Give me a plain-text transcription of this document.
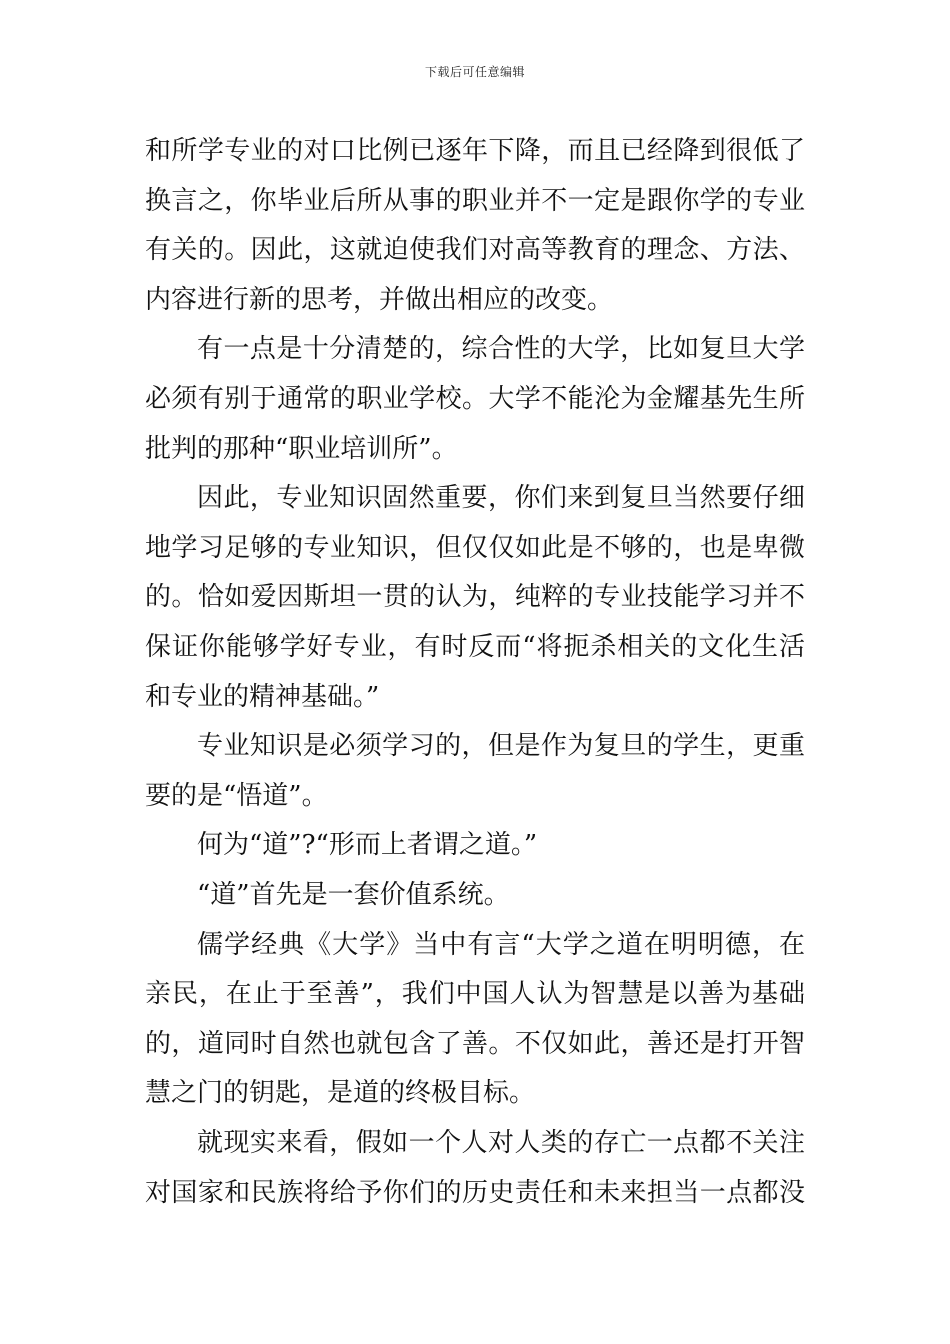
下载后可任意编辑
和所学专业的对口比例已逐年下降，而且已经降到很低了
换言之，你毕业后所从事的职业并不一定是跟你学的专业
有关的。因此，这就迫使我们对高等教育的理念、方法、
内容进行新的思考，并做出相应的改变。
有一点是十分清楚的，综合性的大学，比如复旦大学
必须有别于通常的职业学校。大学不能沦为金耀基先生所
批判的那种“职业培训所”。
因此，专业知识固然重要，你们来到复旦当然要仔细
地学习足够的专业知识，但仅仅如此是不够的，也是卑微
的。恰如爱因斯坦一贯的认为，纯粹的专业技能学习并不
保证你能够学好专业，有时反而“将扼杀相关的文化生活
和专业的精神基础。”
专业知识是必须学习的，但是作为复旦的学生，更重
要的是“悟道”。
何为“道”?“形而上者谓之道。”
“道”首先是一套价值系统。
儒学经典《大学》当中有言“大学之道在明明德，在
亲民，在止于至善”，我们中国人认为智慧是以善为基础
的，道同时自然也就包含了善。不仅如此，善还是打开智
慧之门的钥匙，是道的终极目标。
就现实来看，假如一个人对人类的存亡一点都不关注
对国家和民族将给予你们的历史责任和未来担当一点都没
